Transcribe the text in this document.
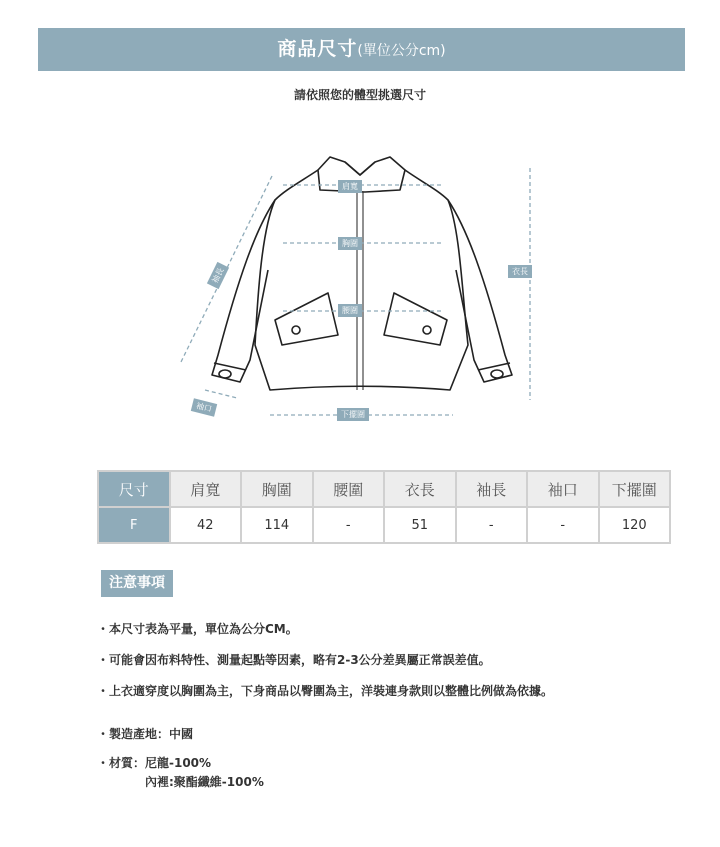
商品尺寸(單位公分cm)
請依照您的體型挑選尺寸
肩寬
胸圍
腰圍
衣長
袖長
袖口
下擺圍
尺寸	肩寬	胸圍	腰圍	衣長	袖長	袖口	下擺圍
F	42	114	-	51	-	-	120
注意事項
・本尺寸表為平量，單位為公分CM。
・可能會因布料特性、測量起點等因素，略有2-3公分差異屬正常誤差值。
・上衣適穿度以胸圍為主，下身商品以臀圍為主，洋裝連身款則以整體比例做為依據。
・製造產地：中國
・材質：尼龍-100%
內裡:聚酯纖維-100%
